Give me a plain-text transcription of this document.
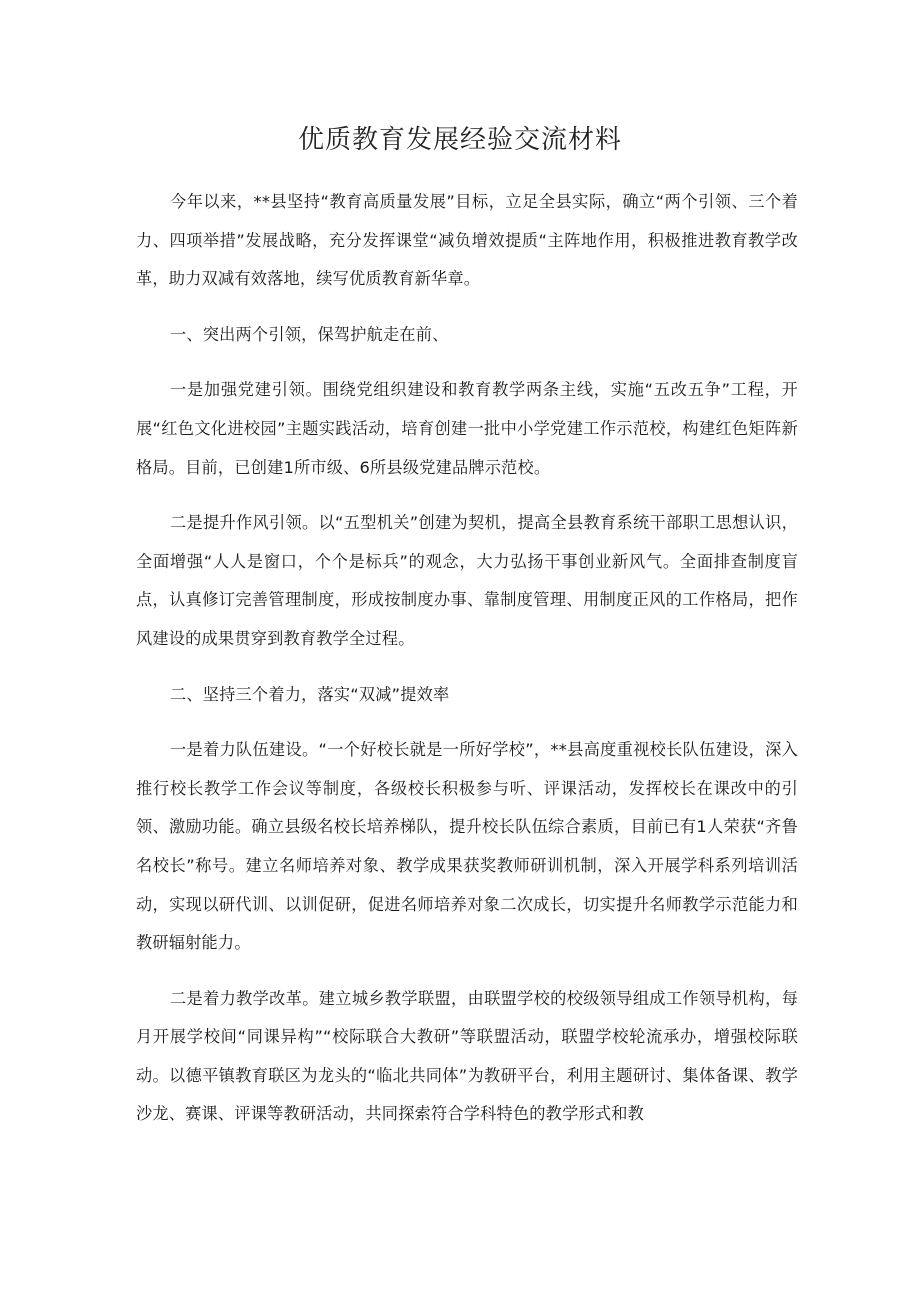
优质教育发展经验交流材料

今年以来，**县坚持“教育高质量发展”目标，立足全县实际，确立“两个引领、三个着力、四项举措”发展战略，充分发挥课堂“减负增效提质“主阵地作用，积极推进教育教学改革，助力双减有效落地，续写优质教育新华章。

一、突出两个引领，保驾护航走在前、

一是加强党建引领。围绕党组织建设和教育教学两条主线，实施“五改五争”工程，开展“红色文化进校园”主题实践活动，培育创建一批中小学党建工作示范校，构建红色矩阵新格局。目前，已创建1所市级、6所县级党建品牌示范校。

二是提升作风引领。以“五型机关”创建为契机，提高全县教育系统干部职工思想认识，全面增强“人人是窗口，个个是标兵”的观念，大力弘扬干事创业新风气。全面排查制度盲点，认真修订完善管理制度，形成按制度办事、靠制度管理、用制度正风的工作格局，把作风建设的成果贯穿到教育教学全过程。

二、坚持三个着力，落实“双减”提效率

一是着力队伍建设。“一个好校长就是一所好学校”，**县高度重视校长队伍建设，深入推行校长教学工作会议等制度，各级校长积极参与听、评课活动，发挥校长在课改中的引领、激励功能。确立县级名校长培养梯队，提升校长队伍综合素质，目前已有1人荣获“齐鲁名校长”称号。建立名师培养对象、教学成果获奖教师研训机制，深入开展学科系列培训活动，实现以研代训、以训促研，促进名师培养对象二次成长，切实提升名师教学示范能力和教研辐射能力。

二是着力教学改革。建立城乡教学联盟，由联盟学校的校级领导组成工作领导机构，每月开展学校间“同课异构”“校际联合大教研”等联盟活动，联盟学校轮流承办，增强校际联动。以德平镇教育联区为龙头的“临北共同体”为教研平台，利用主题研讨、集体备课、教学沙龙、赛课、评课等教研活动，共同探索符合学科特色的教学形式和教
